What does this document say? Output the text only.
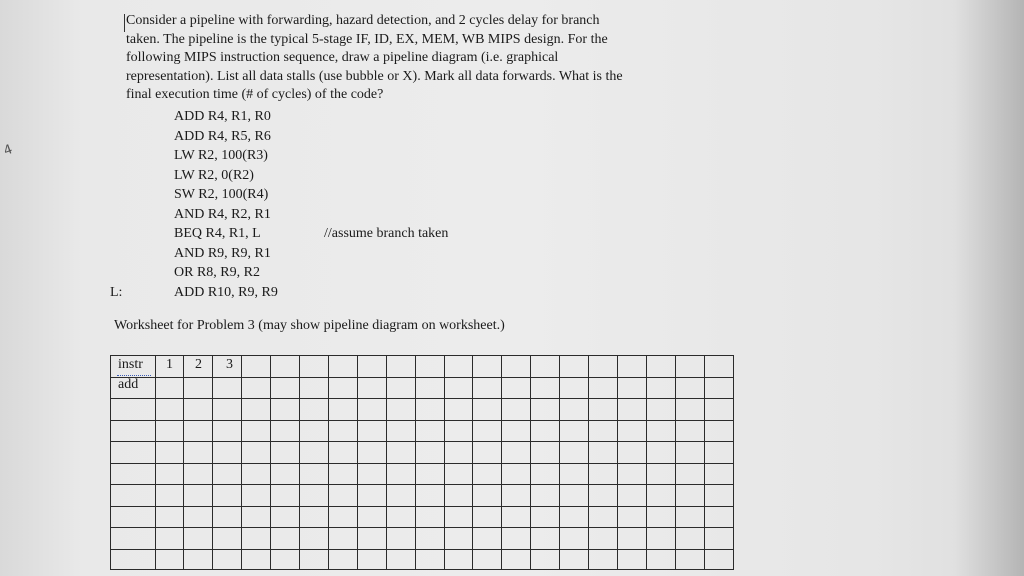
Consider a pipeline with forwarding, hazard detection, and 2 cycles delay for branch
taken. The pipeline is the typical 5-stage IF, ID, EX, MEM, WB MIPS design. For the
following MIPS instruction sequence, draw a pipeline diagram (i.e. graphical
representation). List all data stalls (use bubble or X). Mark all data forwards. What is the
final execution time (# of cycles) of the code?
4
ADD R4, R1, R0
ADD R4, R5, R6
LW R2, 100(R3)
LW R2, 0(R2)
SW R2, 100(R4)
AND R4, R2, R1
BEQ R4, R1, L	//assume branch taken
AND R9, R9, R1
OR R8, R9, R2
L:	ADD R10, R9, R9
Worksheet for Problem 3 (may show pipeline diagram on worksheet.)
instr 1 2 3
add
